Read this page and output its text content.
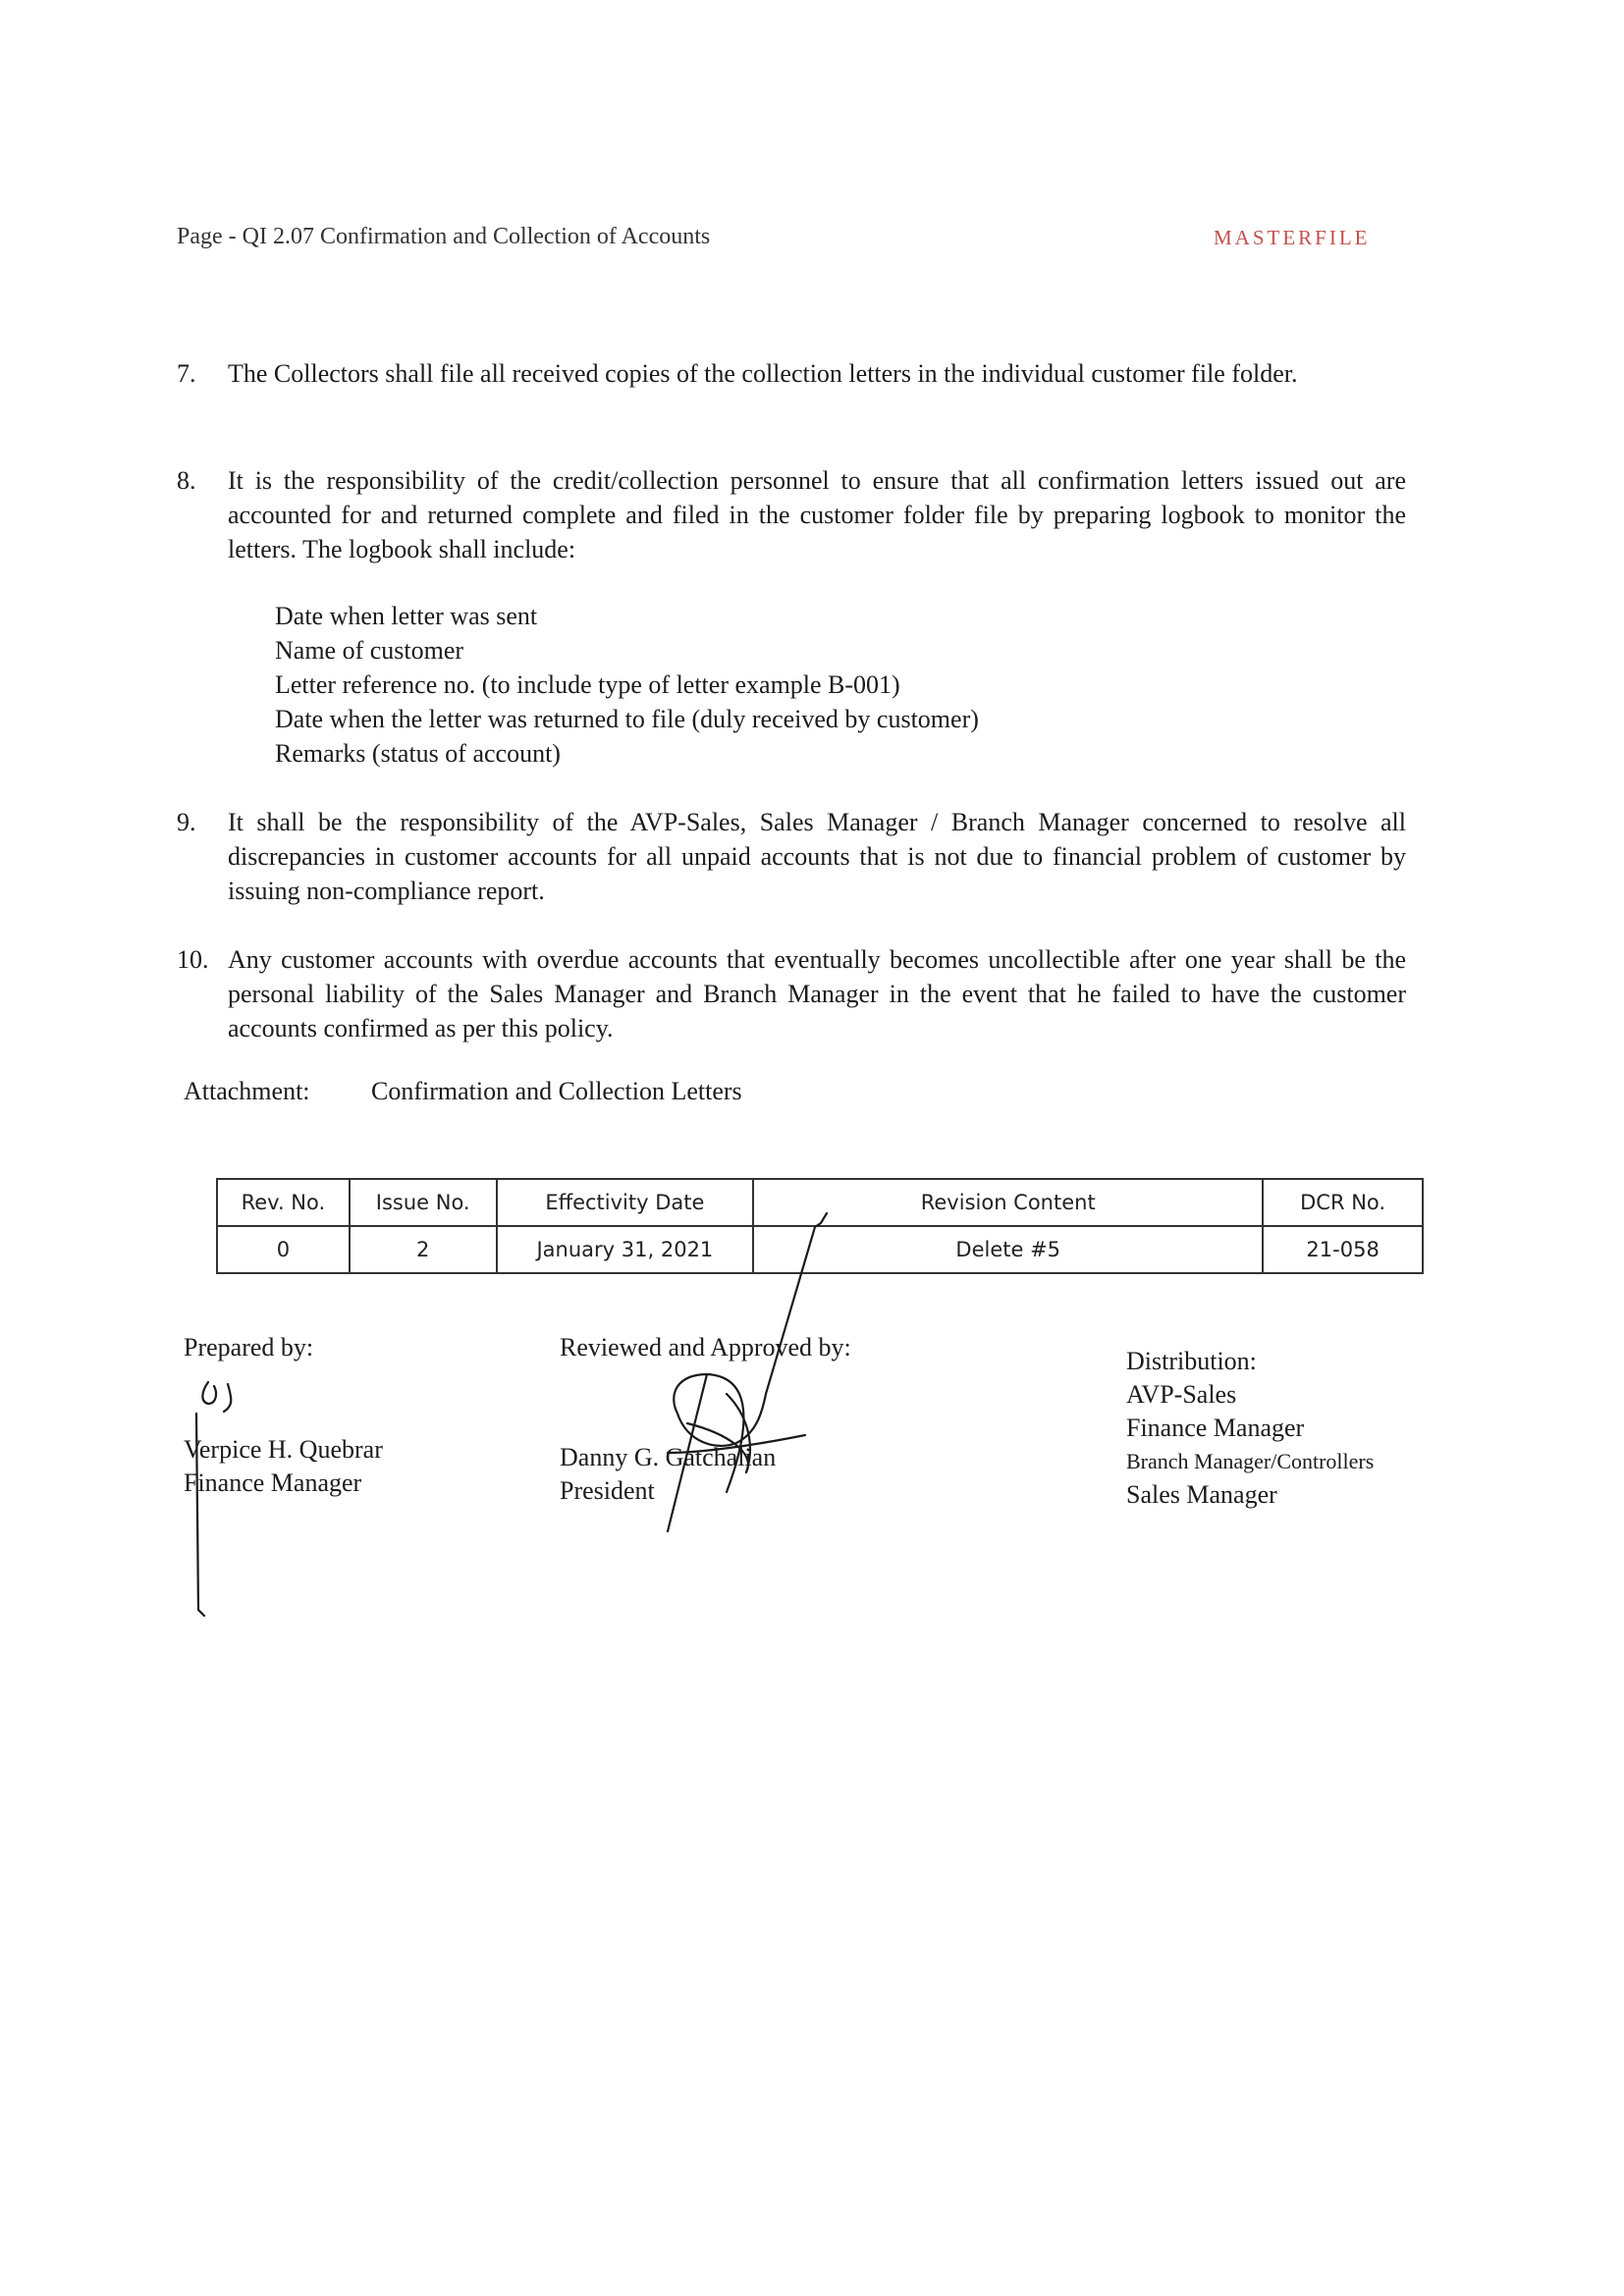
Page - QI 2.07 Confirmation and Collection of Accounts	MASTERFILE
7. The Collectors shall file all received copies of the collection letters in the individual customer file folder.
8. It is the responsibility of the credit/collection personnel to ensure that all confirmation letters issued out are accounted for and returned complete and filed in the customer folder file by preparing logbook to monitor the letters. The logbook shall include:
Date when letter was sent
Name of customer
Letter reference no. (to include type of letter example B-001)
Date when the letter was returned to file (duly received by customer)
Remarks (status of account)
9. It shall be the responsibility of the AVP-Sales, Sales Manager / Branch Manager concerned to resolve all discrepancies in customer accounts for all unpaid accounts that is not due to financial problem of customer by issuing non-compliance report.
10. Any customer accounts with overdue accounts that eventually becomes uncollectible after one year shall be the personal liability of the Sales Manager and Branch Manager in the event that he failed to have the customer accounts confirmed as per this policy.
Attachment: Confirmation and Collection Letters
Rev. No.	Issue No.	Effectivity Date	Revision Content	DCR No.
0	2	January 31, 2021	Delete #5	21-058
Prepared by:
Verpice H. Quebrar
Finance Manager
Reviewed and Approved by:
Danny G. Gatchalian
President
Distribution:
AVP-Sales
Finance Manager
Branch Manager/Controllers
Sales Manager
